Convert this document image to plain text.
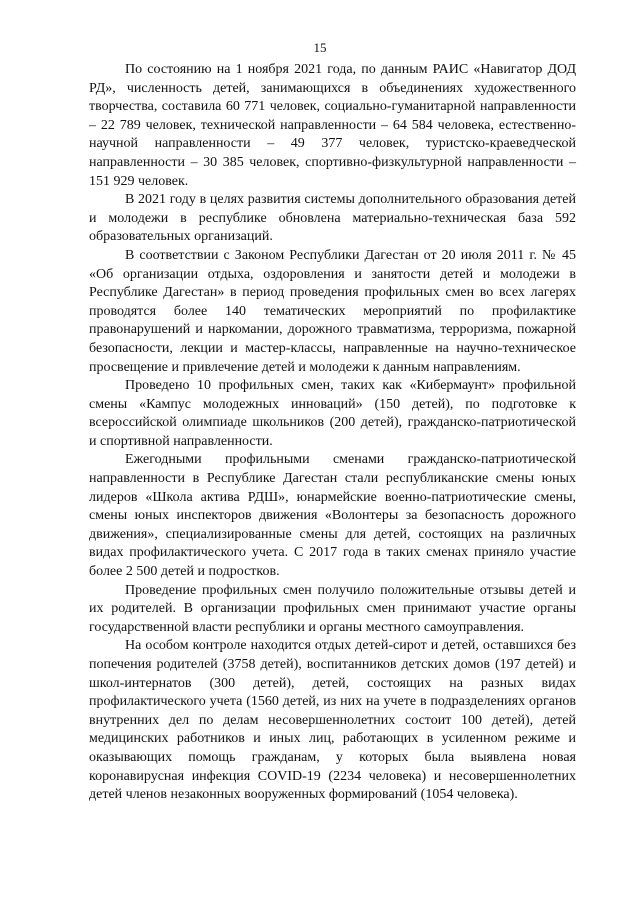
15

По состоянию на 1 ноября 2021 года, по данным РАИС «Навигатор ДОД РД», численность детей, занимающихся в объединениях художественного творчества, составила 60 771 человек, социально-гуманитарной направленности – 22 789 человек, технической направленности – 64 584 человека, естественно-научной направленности – 49 377 человек, туристско-краеведческой направленности – 30 385 человек, спортивно-физкультурной направленности – 151 929 человек.

В 2021 году в целях развития системы дополнительного образования детей и молодежи в республике обновлена материально-техническая база 592 образовательных организаций.

В соответствии с Законом Республики Дагестан от 20 июля 2011 г. № 45 «Об организации отдыха, оздоровления и занятости детей и молодежи в Республике Дагестан» в период проведения профильных смен во всех лагерях проводятся более 140 тематических мероприятий по профилактике правонарушений и наркомании, дорожного травматизма, терроризма, пожарной безопасности, лекции и мастер-классы, направленные на научно-техническое просвещение и привлечение детей и молодежи к данным направлениям.

Проведено 10 профильных смен, таких как «Кибермаунт» профильной смены «Кампус молодежных инноваций» (150 детей), по подготовке к всероссийской олимпиаде школьников (200 детей), гражданско-патриотической и спортивной направленности.

Ежегодными профильными сменами гражданско-патриотической направленности в Республике Дагестан стали республиканские смены юных лидеров «Школа актива РДШ», юнармейские военно-патриотические смены, смены юных инспекторов движения «Волонтеры за безопасность дорожного движения», специализированные смены для детей, состоящих на различных видах профилактического учета. С 2017 года в таких сменах приняло участие более 2 500 детей и подростков.

Проведение профильных смен получило положительные отзывы детей и их родителей. В организации профильных смен принимают участие органы государственной власти республики и органы местного самоуправления.

На особом контроле находится отдых детей-сирот и детей, оставшихся без попечения родителей (3758 детей), воспитанников детских домов (197 детей) и школ-интернатов (300 детей), детей, состоящих на разных видах профилактического учета (1560 детей, из них на учете в подразделениях органов внутренних дел по делам несовершеннолетних состоит 100 детей), детей медицинских работников и иных лиц, работающих в усиленном режиме и оказывающих помощь гражданам, у которых была выявлена новая коронавирусная инфекция COVID-19 (2234 человека) и несовершеннолетних детей членов незаконных вооруженных формирований (1054 человека).
